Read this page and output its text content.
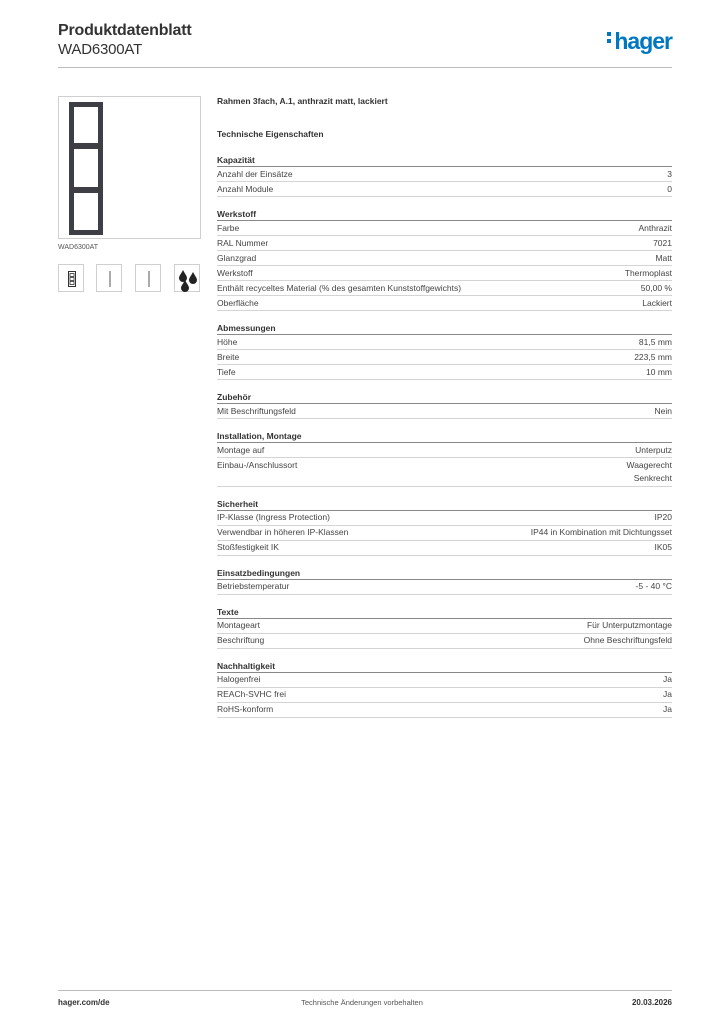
Produktdatenblatt
WAD6300AT	hager
WAD6300AT
Rahmen 3fach, A.1, anthrazit matt, lackiert
Technische Eigenschaften
Kapazität
Anzahl der Einsätze	3
Anzahl Module	0
Werkstoff
Farbe	Anthrazit
RAL Nummer	7021
Glanzgrad	Matt
Werkstoff	Thermoplast
Enthält recyceltes Material (% des gesamten Kunststoffgewichts)	50,00 %
Oberfläche	Lackiert
Abmessungen
Höhe	81,5 mm
Breite	223,5 mm
Tiefe	10 mm
Zubehör
Mit Beschriftungsfeld	Nein
Installation, Montage
Montage auf	Unterputz
Einbau-/Anschlussort	Waagerecht
Senkrecht
Sicherheit
IP-Klasse (Ingress Protection)	IP20
Verwendbar in höheren IP-Klassen	IP44 in Kombination mit Dichtungsset
Stoßfestigkeit IK	IK05
Einsatzbedingungen
Betriebstemperatur	-5 - 40 °C
Texte
Montageart	Für Unterputzmontage
Beschriftung	Ohne Beschriftungsfeld
Nachhaltigkeit
Halogenfrei	Ja
REACh-SVHC frei	Ja
RoHS-konform	Ja
hager.com/de	Technische Änderungen vorbehalten	20.03.2026
